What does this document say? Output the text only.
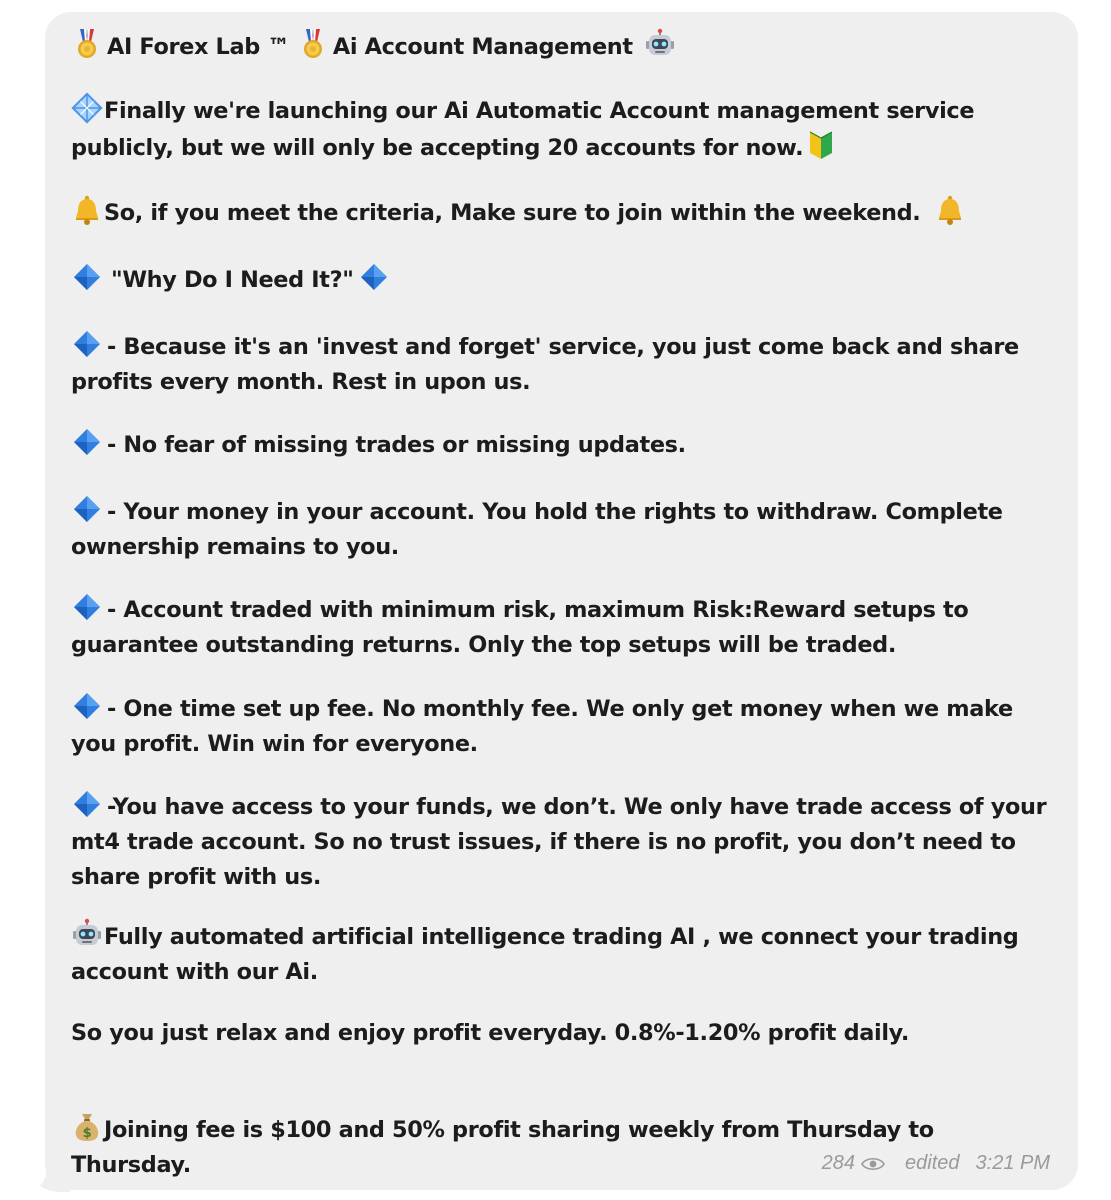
AI Forex Lab ™ Ai Account Management
Finally we're launching our Ai Automatic Account management service publicly, but we will only be accepting 20 accounts for now.
So, if you meet the criteria, Make sure to join within the weekend.
"Why Do I Need It?"
- Because it's an 'invest and forget' service, you just come back and share profits every month. Rest in upon us.
- No fear of missing trades or missing updates.
- Your money in your account. You hold the rights to withdraw. Complete ownership remains to you.
- Account traded with minimum risk, maximum Risk:Reward setups to guarantee outstanding returns. Only the top setups will be traded.
- One time set up fee. No monthly fee. We only get money when we make you profit. Win win for everyone.
-You have access to your funds, we don’t. We only have trade access of your mt4 trade account. So no trust issues, if there is no profit, you don’t need to share profit with us.
Fully automated artificial intelligence trading AI , we connect your trading account with our Ai.
So you just relax and enjoy profit everyday. 0.8%-1.20% profit daily.
Joining fee is $100 and 50% profit sharing weekly from Thursday to Thursday.	284	edited 3:21 PM
